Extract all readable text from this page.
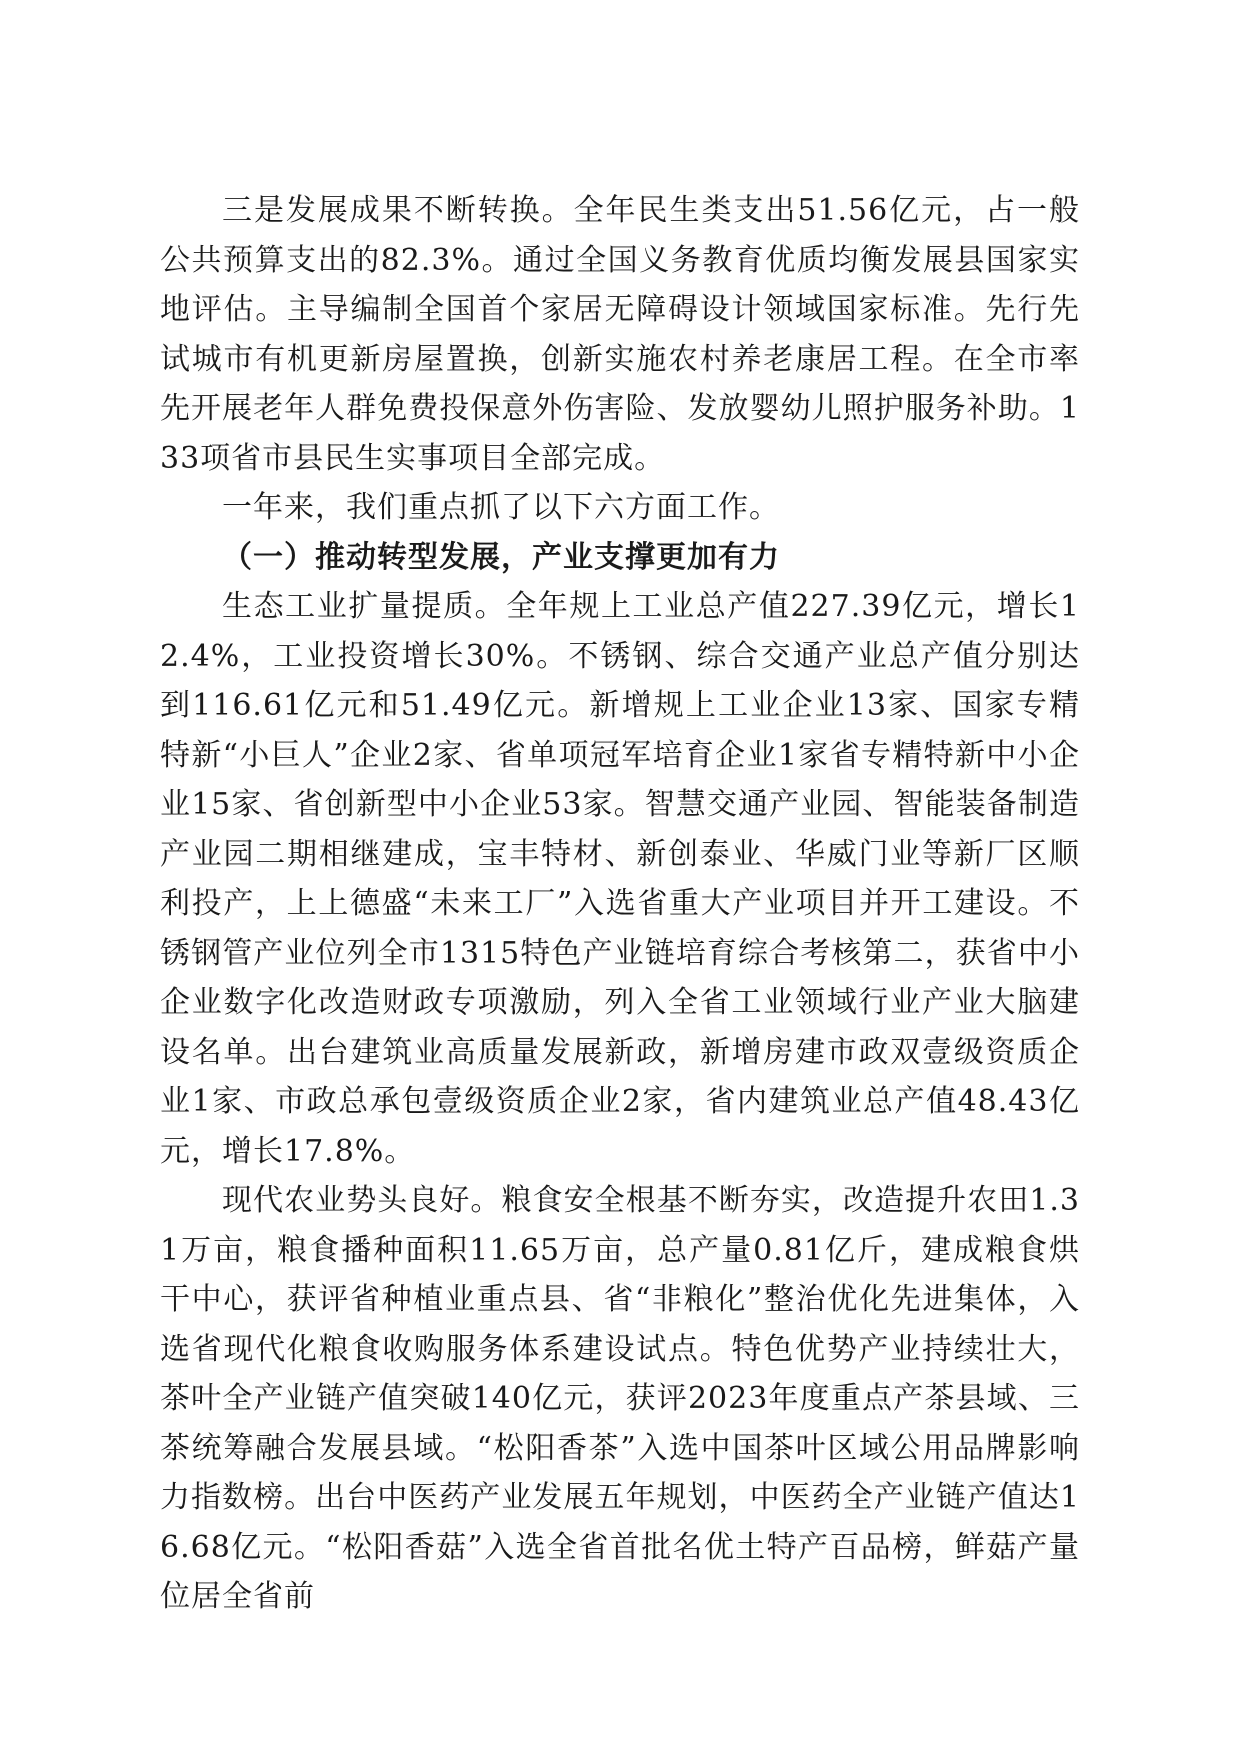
三是发展成果不断转换。全年民生类支出51.56亿元，占一般公共预算支出的82.3%。通过全国义务教育优质均衡发展县国家实地评估。主导编制全国首个家居无障碍设计领域国家标准。先行先试城市有机更新房屋置换，创新实施农村养老康居工程。在全市率先开展老年人群免费投保意外伤害险、发放婴幼儿照护服务补助。133项省市县民生实事项目全部完成。

一年来，我们重点抓了以下六方面工作。

（一）推动转型发展，产业支撑更加有力

生态工业扩量提质。全年规上工业总产值227.39亿元，增长12.4%，工业投资增长30%。不锈钢、综合交通产业总产值分别达到116.61亿元和51.49亿元。新增规上工业企业13家、国家专精特新“小巨人”企业2家、省单项冠军培育企业1家省专精特新中小企业15家、省创新型中小企业53家。智慧交通产业园、智能装备制造产业园二期相继建成，宝丰特材、新创泰业、华威门业等新厂区顺利投产，上上德盛“未来工厂”入选省重大产业项目并开工建设。不锈钢管产业位列全市1315特色产业链培育综合考核第二，获省中小企业数字化改造财政专项激励，列入全省工业领域行业产业大脑建设名单。出台建筑业高质量发展新政，新增房建市政双壹级资质企业1家、市政总承包壹级资质企业2家，省内建筑业总产值48.43亿元，增长17.8%。

现代农业势头良好。粮食安全根基不断夯实，改造提升农田1.31万亩，粮食播种面积11.65万亩，总产量0.81亿斤，建成粮食烘干中心，获评省种植业重点县、省“非粮化”整治优化先进集体，入选省现代化粮食收购服务体系建设试点。特色优势产业持续壮大，茶叶全产业链产值突破140亿元，获评2023年度重点产茶县域、三茶统筹融合发展县域。“松阳香茶”入选中国茶叶区域公用品牌影响力指数榜。出台中医药产业发展五年规划，中医药全产业链产值达16.68亿元。“松阳香菇”入选全省首批名优土特产百品榜，鲜菇产量位居全省前
